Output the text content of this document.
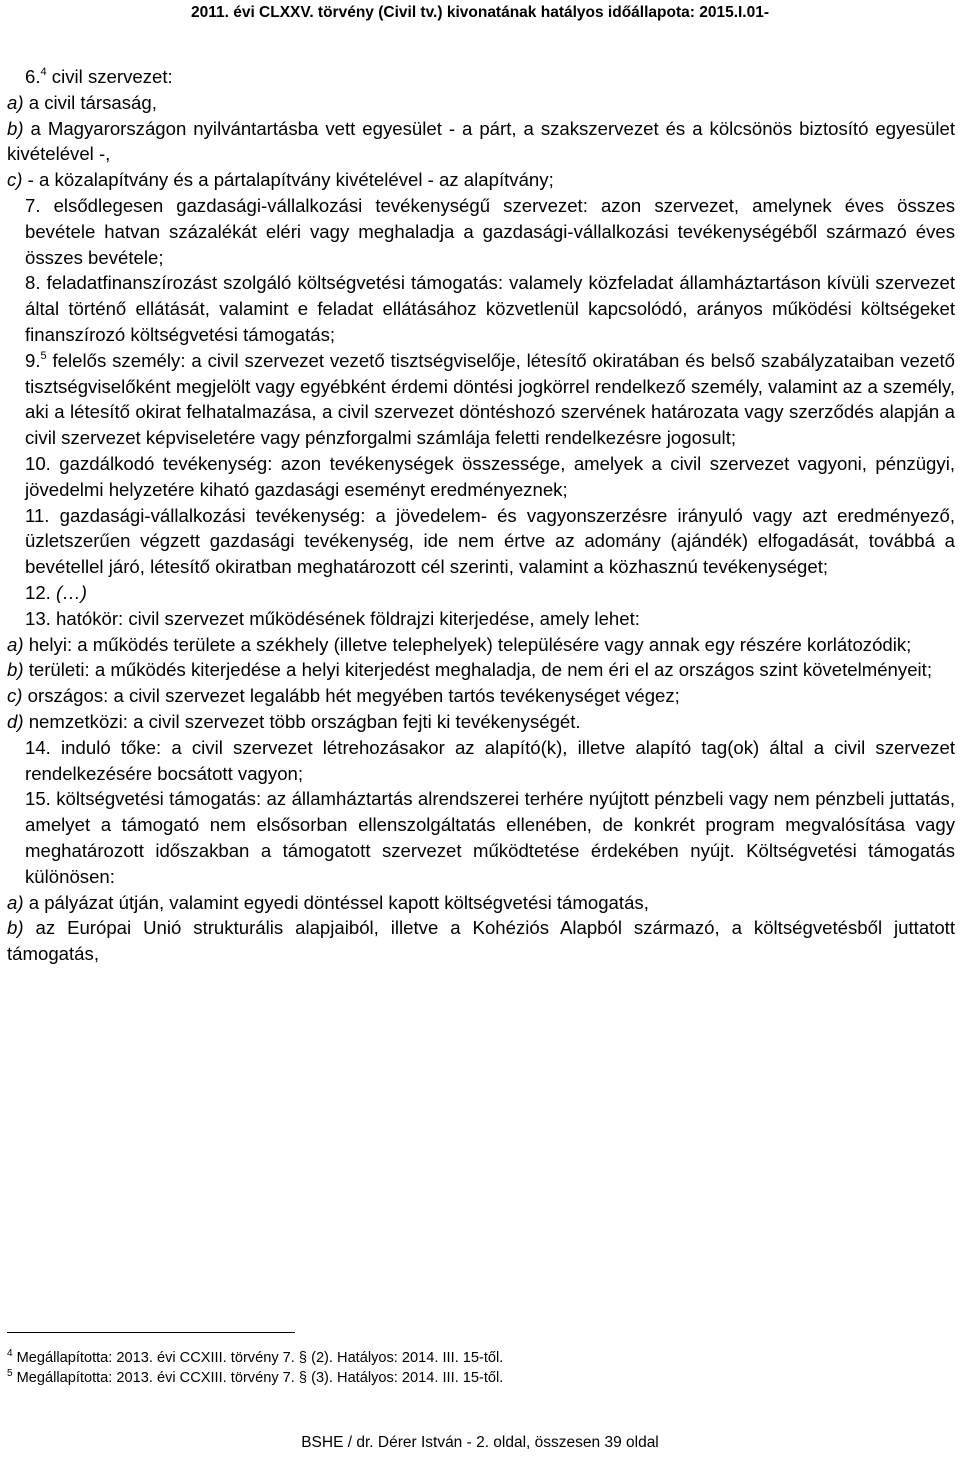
2011. évi CLXXV. törvény (Civil tv.) kivonatának hatályos időállapota: 2015.I.01-

6.$^4$ civil szervezet:

a) a civil társaság,

b) a Magyarországon nyilvántartásba vett egyesület - a párt, a szakszervezet és a kölcsönös biztosító egyesület kivételével -,

c) - a közalapítvány és a pártalapítvány kivételével - az alapítvány;

7. elsődlegesen gazdasági-vállalkozási tevékenységű szervezet: azon szervezet, amelynek éves összes bevétele hatvan százalékát eléri vagy meghaladja a gazdasági-vállalkozási tevékenységéből származó éves összes bevétele;

8. feladatfinanszírozást szolgáló költségvetési támogatás: valamely közfeladat államháztartáson kívüli szervezet által történő ellátását, valamint e feladat ellátásához közvetlenül kapcsolódó, arányos működési költségeket finanszírozó költségvetési támogatás;

9.$^5$ felelős személy: a civil szervezet vezető tisztségviselője, létesítő okiratában és belső szabályzataiban vezető tisztségviselőként megjelölt vagy egyébként érdemi döntési jogkörrel rendelkező személy, valamint az a személy, aki a létesítő okirat felhatalmazása, a civil szervezet döntéshozó szervének határozata vagy szerződés alapján a civil szervezet képviseletére vagy pénzforgalmi számlája feletti rendelkezésre jogosult;

10. gazdálkodó tevékenység: azon tevékenységek összessége, amelyek a civil szervezet vagyoni, pénzügyi, jövedelmi helyzetére kiható gazdasági eseményt eredményeznek;

11. gazdasági-vállalkozási tevékenység: a jövedelem- és vagyonszerzésre irányuló vagy azt eredményező, üzletszerűen végzett gazdasági tevékenység, ide nem értve az adomány (ajándék) elfogadását, továbbá a bevétellel járó, létesítő okiratban meghatározott cél szerinti, valamint a közhasznú tevékenységet;

12. (…)

13. hatókör: civil szervezet működésének földrajzi kiterjedése, amely lehet:

a) helyi: a működés területe a székhely (illetve telephelyek) településére vagy annak egy részére korlátozódik;

b) területi: a működés kiterjedése a helyi kiterjedést meghaladja, de nem éri el az országos szint követelményeit;

c) országos: a civil szervezet legalább hét megyében tartós tevékenységet végez;

d) nemzetközi: a civil szervezet több országban fejti ki tevékenységét.

14. induló tőke: a civil szervezet létrehozásakor az alapító(k), illetve alapító tag(ok) által a civil szervezet rendelkezésére bocsátott vagyon;

15. költségvetési támogatás: az államháztartás alrendszerei terhére nyújtott pénzbeli vagy nem pénzbeli juttatás, amelyet a támogató nem elsősorban ellenszolgáltatás ellenében, de konkrét program megvalósítása vagy meghatározott időszakban a támogatott szervezet működtetése érdekében nyújt. Költségvetési támogatás különösen:

a) a pályázat útján, valamint egyedi döntéssel kapott költségvetési támogatás,

b) az Európai Unió strukturális alapjaiból, illetve a Kohéziós Alapból származó, a költségvetésből juttatott támogatás,

$^4$ Megállapította: 2013. évi CCXIII. törvény 7. § (2). Hatályos: 2014. III. 15-től.
$^5$ Megállapította: 2013. évi CCXIII. törvény 7. § (3). Hatályos: 2014. III. 15-től.
BSHE / dr. Dérer István - 2. oldal, összesen 39 oldal
